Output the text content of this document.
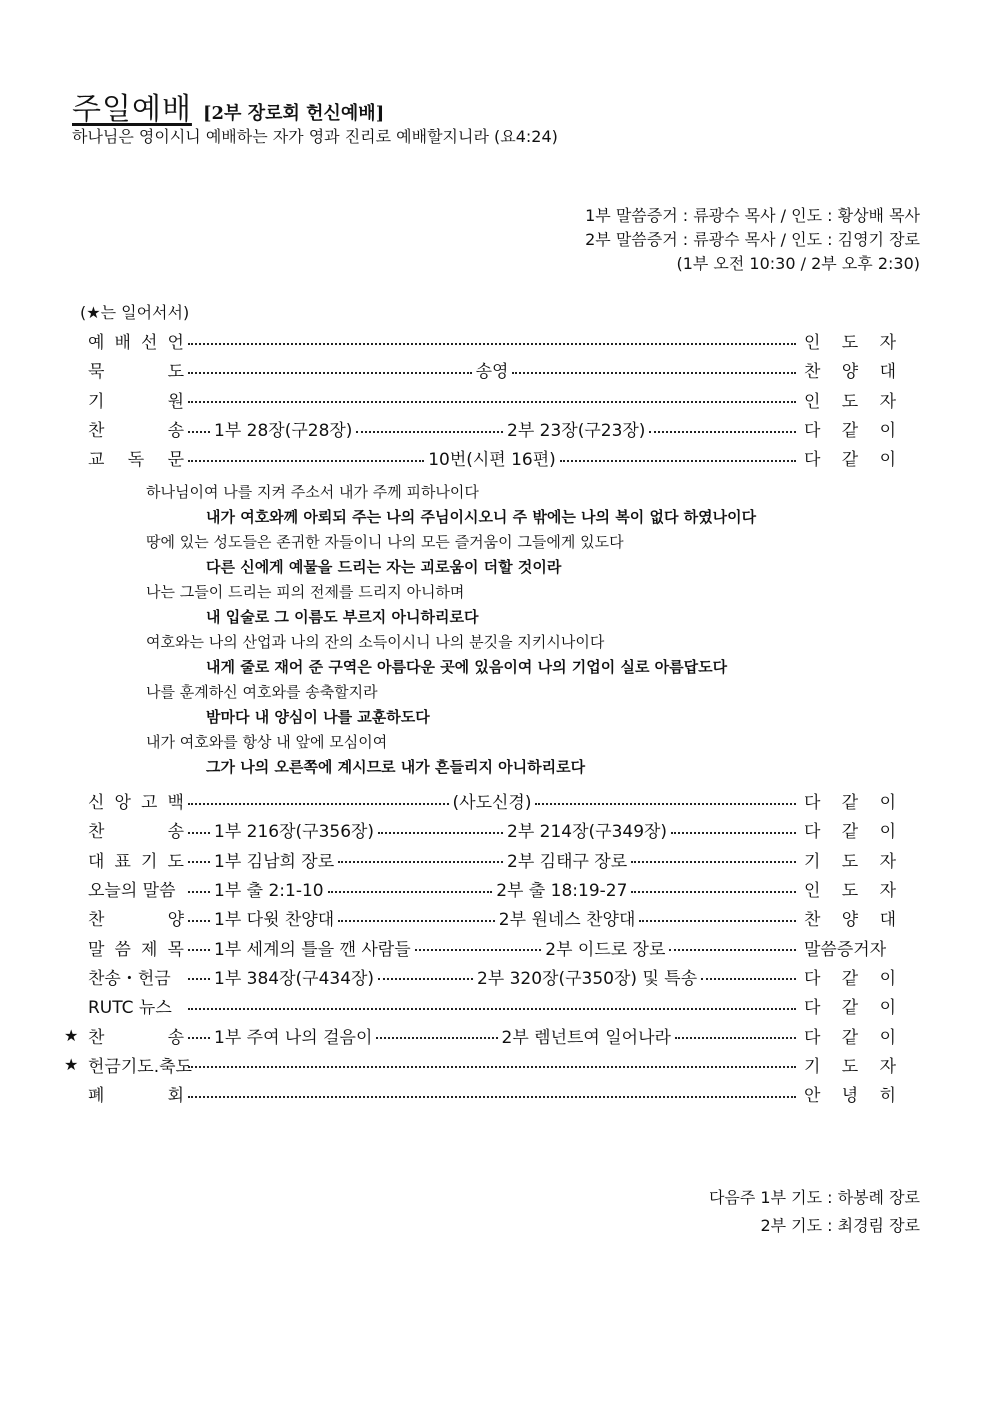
주일예배 [2부 장로회 헌신예배]
하나님은 영이시니 예배하는 자가 영과 진리로 예배할지니라 (요4:24)
1부 말씀증거 : 류광수 목사 / 인도 : 황상배 목사
2부 말씀증거 : 류광수 목사 / 인도 : 김영기 장로
(1부 오전 10:30 / 2부 오후 2:30)
(★는 일어서서)
예 배 선 언	인 도 자
묵	도	송영	찬 양 대
기	원	인 도 자
찬	송 1부 28장(구28장)	2부 23장(구23장)	다 같 이
교 독 문	10번(시편 16편)	다 같 이
하나님이여 나를 지켜 주소서 내가 주께 피하나이다
내가 여호와께 아뢰되 주는 나의 주님이시오니 주 밖에는 나의 복이 없다 하였나이다
땅에 있는 성도들은 존귀한 자들이니 나의 모든 즐거움이 그들에게 있도다
다른 신에게 예물을 드리는 자는 괴로움이 더할 것이라
나는 그들이 드리는 피의 전제를 드리지 아니하며
내 입술로 그 이름도 부르지 아니하리로다
여호와는 나의 산업과 나의 잔의 소득이시니 나의 분깃을 지키시나이다
내게 줄로 재어 준 구역은 아름다운 곳에 있음이여 나의 기업이 실로 아름답도다
나를 훈계하신 여호와를 송축할지라
밤마다 내 양심이 나를 교훈하도다
내가 여호와를 항상 내 앞에 모심이여
그가 나의 오른쪽에 계시므로 내가 흔들리지 아니하리로다
신 앙 고 백	(사도신경)	다 같 이
찬	송 1부 216장(구356장)	2부 214장(구349장)	다 같 이
대 표 기 도 1부 김남희 장로	2부 김태구 장로	기 도 자
오늘의 말씀	1부 출 2:1-10	2부 출 18:19-27	인 도 자
찬	양 1부 다윗 찬양대	2부 원네스 찬양대	찬 양 대
말 씀 제 목 1부 세계의 틀을 깬 사람들	2부 이드로 장로	말씀증거자
찬송・헌금	1부 384장(구434장)	2부 320장(구350장) 및 특송	다 같 이
RUTC 뉴스	다 같 이
★ 찬	송 1부 주여 나의 걸음이	2부 렘넌트여 일어나라	다 같 이
★ 헌금기도.축도	기 도 자
폐	회	안 녕 히
다음주 1부 기도 : 하봉례 장로
2부 기도 : 최경림 장로
